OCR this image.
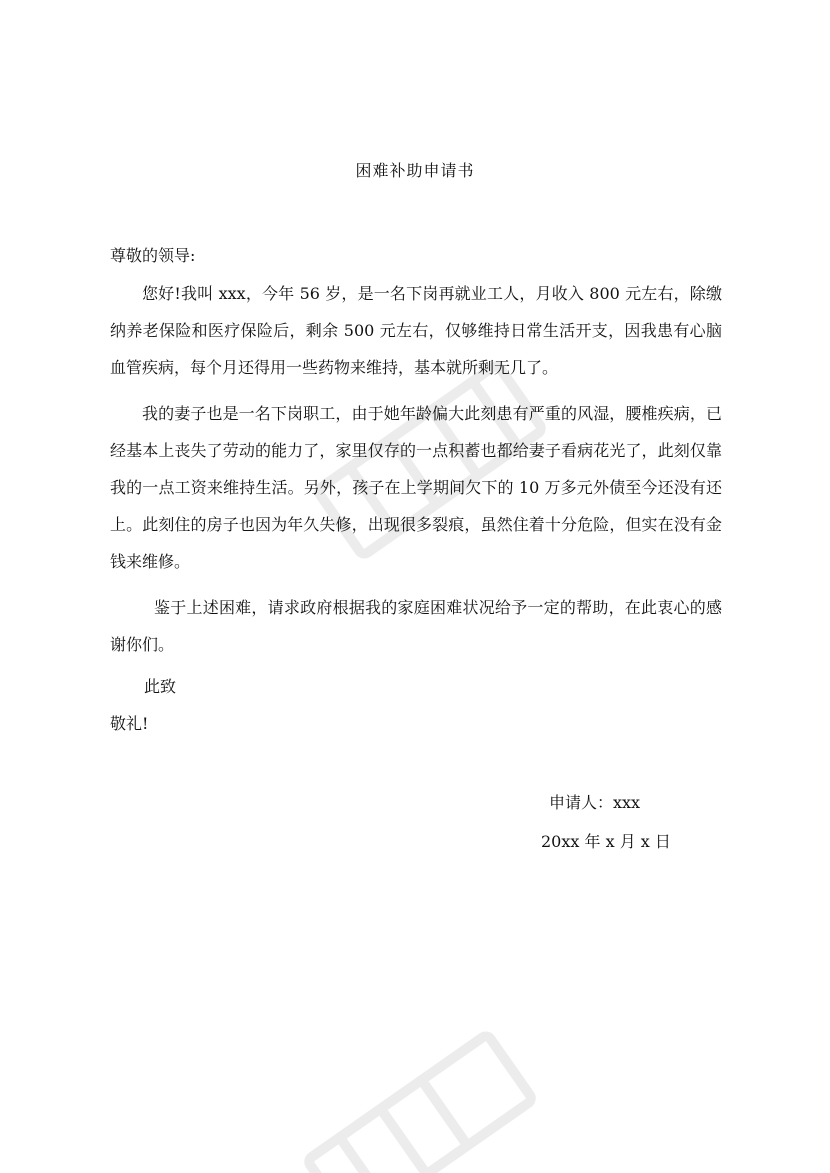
困难补助申请书
尊敬的领导:

您好!我叫 xxx，今年 56 岁，是一名下岗再就业工人，月收入 800 元左右，除缴纳养老保险和医疗保险后，剩余 500 元左右，仅够维持日常生活开支，因我患有心脑血管疾病，每个月还得用一些药物来维持，基本就所剩无几了。

我的妻子也是一名下岗职工，由于她年龄偏大此刻患有严重的风湿，腰椎疾病，已经基本上丧失了劳动的能力了，家里仅存的一点积蓄也都给妻子看病花光了，此刻仅靠我的一点工资来维持生活。另外，孩子在上学期间欠下的 10 万多元外债至今还没有还上。此刻住的房子也因为年久失修，出现很多裂痕，虽然住着十分危险，但实在没有金钱来维修。

鉴于上述困难，请求政府根据我的家庭困难状况给予一定的帮助，在此衷心的感谢你们。

此致
敬礼!
申请人：xxx
20xx 年 x 月 x 日
